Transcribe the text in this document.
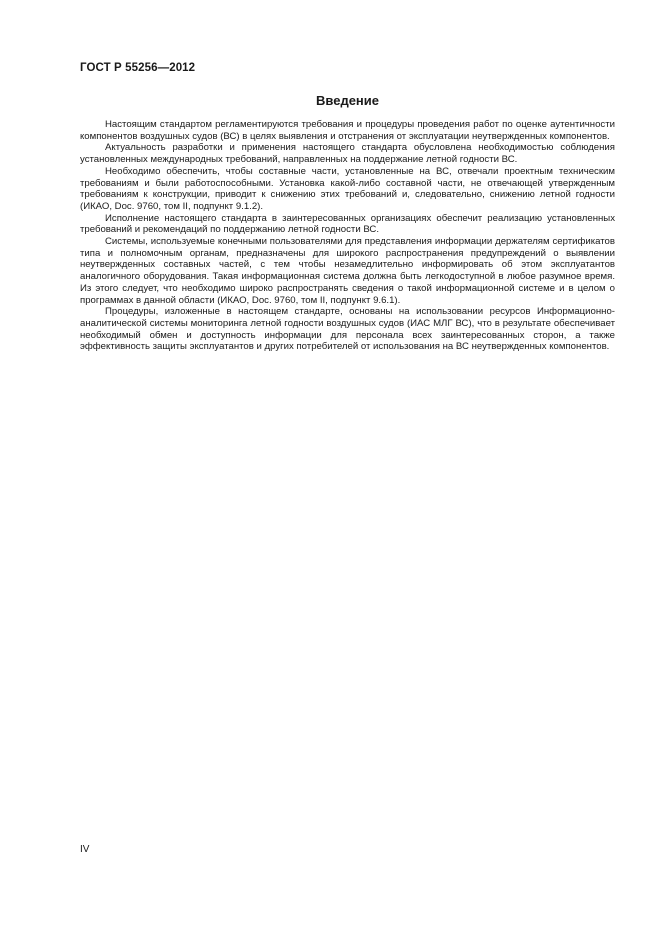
ГОСТ Р 55256—2012
Введение

Настоящим стандартом регламентируются требования и процедуры проведения работ по оценке аутентичности компонентов воздушных судов (ВС) в целях выявления и отстранения от эксплуатации неутвержденных компонентов.

Актуальность разработки и применения настоящего стандарта обусловлена необходимостью соблюдения установленных международных требований, направленных на поддержание летной годности ВС.

Необходимо обеспечить, чтобы составные части, установленные на ВС, отвечали проектным техническим требованиям и были работоспособными. Установка какой-либо составной части, не отвечающей утвержденным требованиям к конструкции, приводит к снижению этих требований и, следовательно, снижению летной годности (ИКАО, Doc. 9760, том II, подпункт 9.1.2).

Исполнение настоящего стандарта в заинтересованных организациях обеспечит реализацию установленных требований и рекомендаций по поддержанию летной годности ВС.

Системы, используемые конечными пользователями для представления информации держателям сертификатов типа и полномочным органам, предназначены для широкого распространения предупреждений о выявлении неутвержденных составных частей, с тем чтобы незамедлительно информировать об этом эксплуатантов аналогичного оборудования. Такая информационная система должна быть легкодоступной в любое разумное время. Из этого следует, что необходимо широко распространять сведения о такой информационной системе и в целом о программах в данной области (ИКАО, Doc. 9760, том II, подпункт 9.6.1).

Процедуры, изложенные в настоящем стандарте, основаны на использовании ресурсов Информационно-аналитической системы мониторинга летной годности воздушных судов (ИАС МЛГ ВС), что в результате обеспечивает необходимый обмен и доступность информации для персонала всех заинтересованных сторон, а также эффективность защиты эксплуатантов и других потребителей от использования на ВС неутвержденных компонентов.

IV
